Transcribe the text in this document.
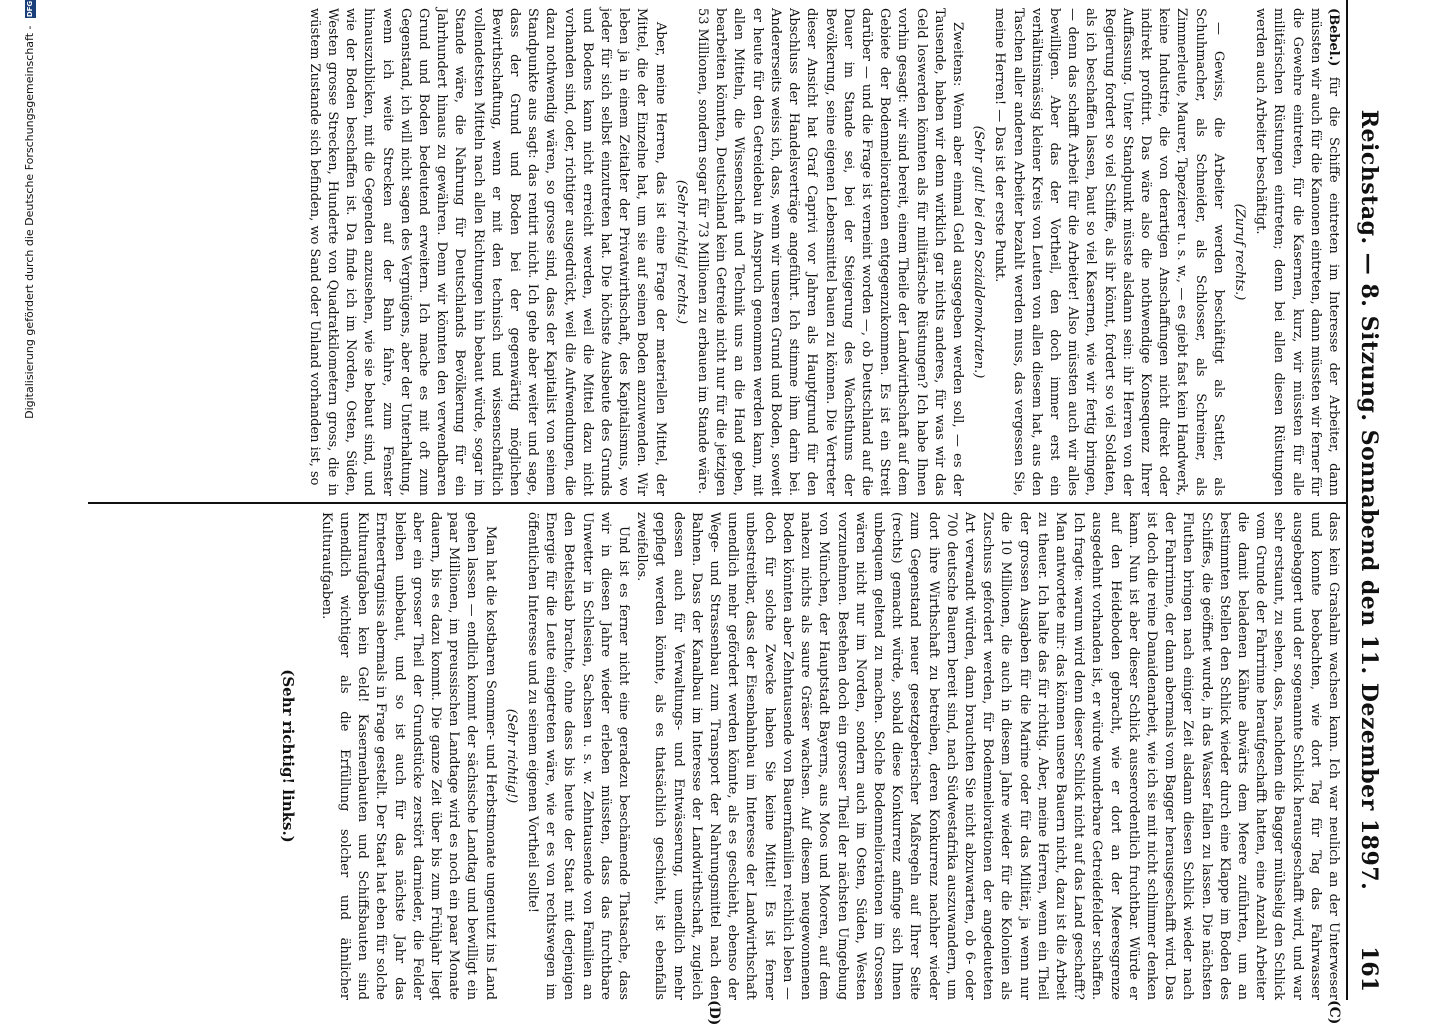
Reichstag. — 8. Sitzung. Sonnabend den 11. Dezember 1897.
161
(C)
(D)

(Bebel.) für die Schiffe eintreten im Interesse der Arbeiter, dann müssten wir auch für die Kanonen eintreten, dann müssten wir ferner für die Gewehre eintreten, für die Kasernen, kurz, wir müssten für alle militärischen Rüstungen eintreten; denn bei allen diesen Rüstungen werden auch Arbeiter beschäftigt.

(Zuruf rechts.)

— Gewiss, die Arbeiter werden beschäftigt als Sattler, als Schuhmacher, als Schneider, als Schlosser, als Schreiner, als Zimmerleute, Maurer, Tapezierer u. s. w., — es giebt fast kein Handwerk, keine Industrie, die von derartigen Anschaffungen nicht direkt oder indirekt profitirt. Das wäre also die nothwendige Konsequenz Ihrer Auffassung. Unter Standpunkt müsste alsdann sein: ihr Herren von der Regierung fordert so viel Schiffe, als ihr könnt, fordert so viel Soldaten, als ich beschaffen lassen, baut so viel Kasernen, wie wir fertig bringen, — denn das schafft Arbeit für die Arbeiter! Also müssten auch wir alles bewilligen. Aber das der Vortheil, den doch immer erst ein verhältnismässig kleiner Kreis von Leuten von allen diesem hat, aus den Taschen aller anderen Arbeiter bezahlt werden muss, das vergessen Sie, meine Herren! — Das ist der erste Punkt.

(Sehr gut! bei den Sozialdemokraten.)

Zweitens: Wenn aber einmal Geld ausgegeben werden soll, — es der Tausende, haben wir denn wirklich gar nichts anderes, für was wir das Geld loswerden könnten als für militärische Rüstungen? Ich habe Ihnen vorhin gesagt: wir sind bereit, einem Theile der Landwirthschaft auf dem Gebiete der Bodenmeliorationen entgegenzukommen. Es ist ein Streit darüber — und die Frage ist verneint worden —, ob Deutschland auf die Dauer im Stande sei, bei der Steigerung des Wachsthums der Bevölkerung, seine eigenen Lebensmittel bauen zu können. Die Vertreter dieser Ansicht hat Graf Caprivi vor Jahren als Hauptgrund für den Abschluss der Handelsverträge angeführt. Ich stimme ihm darin bei. Andererseits weiss ich, dass, wenn wir unseren Grund und Boden, soweit er heute für den Getreidebau in Anspruch genommen werden kann, mit allen Mitteln, die Wissenschaft und Technik uns an die Hand geben, bearbeiten könnten, Deutschland kein Getreide nicht nur für die jetzigen 53 Millionen, sondern sogar für 73 Millionen zu erbauen im Stande wäre.

(Sehr richtig! rechts.)

Aber, meine Herren, das ist eine Frage der materiellen Mittel, der Mittel, die der Einzelne hat, um sie auf seinen Boden anzuwenden. Wir leben ja in einem Zeitalter der Privatwirthschaft, des Kapitalismus, wo jeder für sich selbst einzutreten hat. Die höchste Ausbeute des Grunds und Bodens kann nicht erreicht werden, weil die Mittel dazu nicht vorhanden sind, oder, richtiger ausgedrückt, weil die Aufwendungen, die dazu nothwendig wären, so grosse sind, dass der Kapitalist von seinem Standpunkte aus sagt: das rentirt nicht. Ich gehe aber weiter und sage, dass der Grund und Boden bei der gegenwärtig möglichen Bewirthschaftung, wenn er mit den technisch und wissenschaftlich vollendetsten Mitteln nach allen Richtungen hin bebaut würde, sogar im Stande wäre, die Nahrung für Deutschlands Bevölkerung für ein Jahrhundert hinaus zu gewähren. Denn wir könnten den verwendbaren Grund und Boden bedeutend erweitern. Ich mache es mit oft zum Gegenstand, ich will nicht sagen des Vergnügens, aber der Unterhaltung, wenn ich weite Strecken auf der Bahn fahre, zum Fenster hinauszublicken, mit die Gegenden anzusehen, wie sie bebaut sind, und wie der Boden beschaffen ist. Da finde ich im Norden, Osten, Süden, Westen grosse Strecken, Hunderte von Quadratkilometern gross, die in wüstem Zustande sich befinden, wo Sand oder Unland vorhanden ist, so

dass kein Grashalm wachsen kann. Ich war neulich an der Unterweser und konnte beobachten, wie dort Tag für Tag das Fahrwasser ausgebaggert und der sogenannte Schlick herausgeschafft wird, und war sehr erstaunt, zu sehen, dass, nachdem die Bagger mühselig den Schlick vom Grunde der Fahrrinne heraufgeschafft hatten, eine Anzahl Arbeiter die damit beladenen Kähne abwärts dem Meere zuführten, um an bestimmten Stellen den Schlick wieder durch eine Klappe im Boden des Schiffes, die geöffnet wurde, in das Wasser fallen zu lassen. Die nächsten Fluthen bringen nach einiger Zeit alsdann diesen Schlick wieder nach der Fahrrinne, der dann abermals vom Bagger herausgeschafft wird. Das ist doch die reine Danaidenarbeit, wie ich sie mit nicht schlimmer denken kann. Nun ist aber dieser Schlick ausserordentlich fruchtbar. Würde er auf den Heideboden gebracht, wie er dort an der Meeresgrenze ausgedehnt vorhanden ist, er würde wunderbare Getreidefelder schaffen. Ich fragte: warum wird denn dieser Schlick nicht auf das Land geschafft? Man antwortete mir: das können unsere Bauern nicht, dazu ist die Arbeit zu theuer. Ich halte das für richtig. Aber, meine Herren, wenn ein Theil der grossen Ausgaben für die Marine oder für das Militär, ja wenn nur die 10 Millionen, die auch in diesem Jahre wieder für die Kolonien als Zuschuss gefordert werden, für Bodenmeliorationen der angedeuteten Art verwandt würden, dann brauchten Sie nicht abzuwarten, ob 6- oder 700 deutsche Bauern bereit sind, nach Südwestafrika auszuwandern, um dort ihre Wirthschaft zu betreiben, deren Konkurrenz nachher wieder zum Gegenstand neuer gesetzgeberischer Maßregeln auf Ihrer Seite (rechts) gemacht würde, sobald diese Konkurrenz anfinge sich Ihnen unbequem geltend zu machen. Solche Bodenmeliorationen im Grossen wären nicht nur im Norden, sondern auch im Osten, Süden, Westen vorzunehmen. Bestehen doch ein grosser Theil der nächsten Umgebung von München, der Hauptstadt Bayerns, aus Moos und Mooren, auf dem nahezu nichts als saure Gräser wachsen. Auf diesem neugewonnenen Boden könnten aber Zehntausende von Bauernfamilien reichlich leben — doch für solche Zwecke haben Sie keine Mittel! Es ist ferner unbestreitbar, dass der Eisenbahnbau im Interesse der Landwirthschaft unendlich mehr gefördert werden könnte, als es geschieht, ebenso der Wege- und Strassenbau zum Transport der Nahrungsmittel nach den Bahnen. Dass der Kanalbau im Interesse der Landwirthschaft, zugleich dessen auch für Verwaltungs- und Entwässerung, unendlich mehr gepflegt werden könnte, als es thatsächlich geschieht, ist ebenfalls zweifellos.

Und ist es ferner nicht eine geradezu beschämende Thatsache, dass wir in diesen Jahre wieder erleben müssten, dass das furchtbare Unwetter in Schlesien, Sachsen u. s. w. Zehntausende von Familien an den Bettelstab brachte, ohne dass bis heute der Staat mit derjenigen Energie für die Leute eingetreten wäre, wie er es von rechtswegen im öffentlichen Interesse und zu seinem eigenen Vortheil sollte!

(Sehr richtig!)

Man hat die kostbaren Sommer- und Herbstmonate ungenutzt ins Land gehen lassen — endlich kommt der sächsische Landtag und bewilligt ein paar Millionen, im preussischen Landtage wird es noch ein paar Monate dauern, bis es dazu kommt. Die ganze Zeit über bis zum Frühjahr liegt aber ein grosser Theil der Grundstücke zerstört darnieder, die Felder bleiben unbebaut, und so ist auch für das nächste Jahr das Ernteertragniss abermals in Frage gestellt. Der Staat hat eben für solche Kulturaufgaben kein Geld! Kasernenbauten und Schiffsbauten sind unendlich wichtiger als die Erfüllung solcher und ähnlicher Kulturaufgaben.

(Sehr richtig! links.)

Digitalisierung gefördert durch die Deutsche Forschungsgemeinschaft - DFG
